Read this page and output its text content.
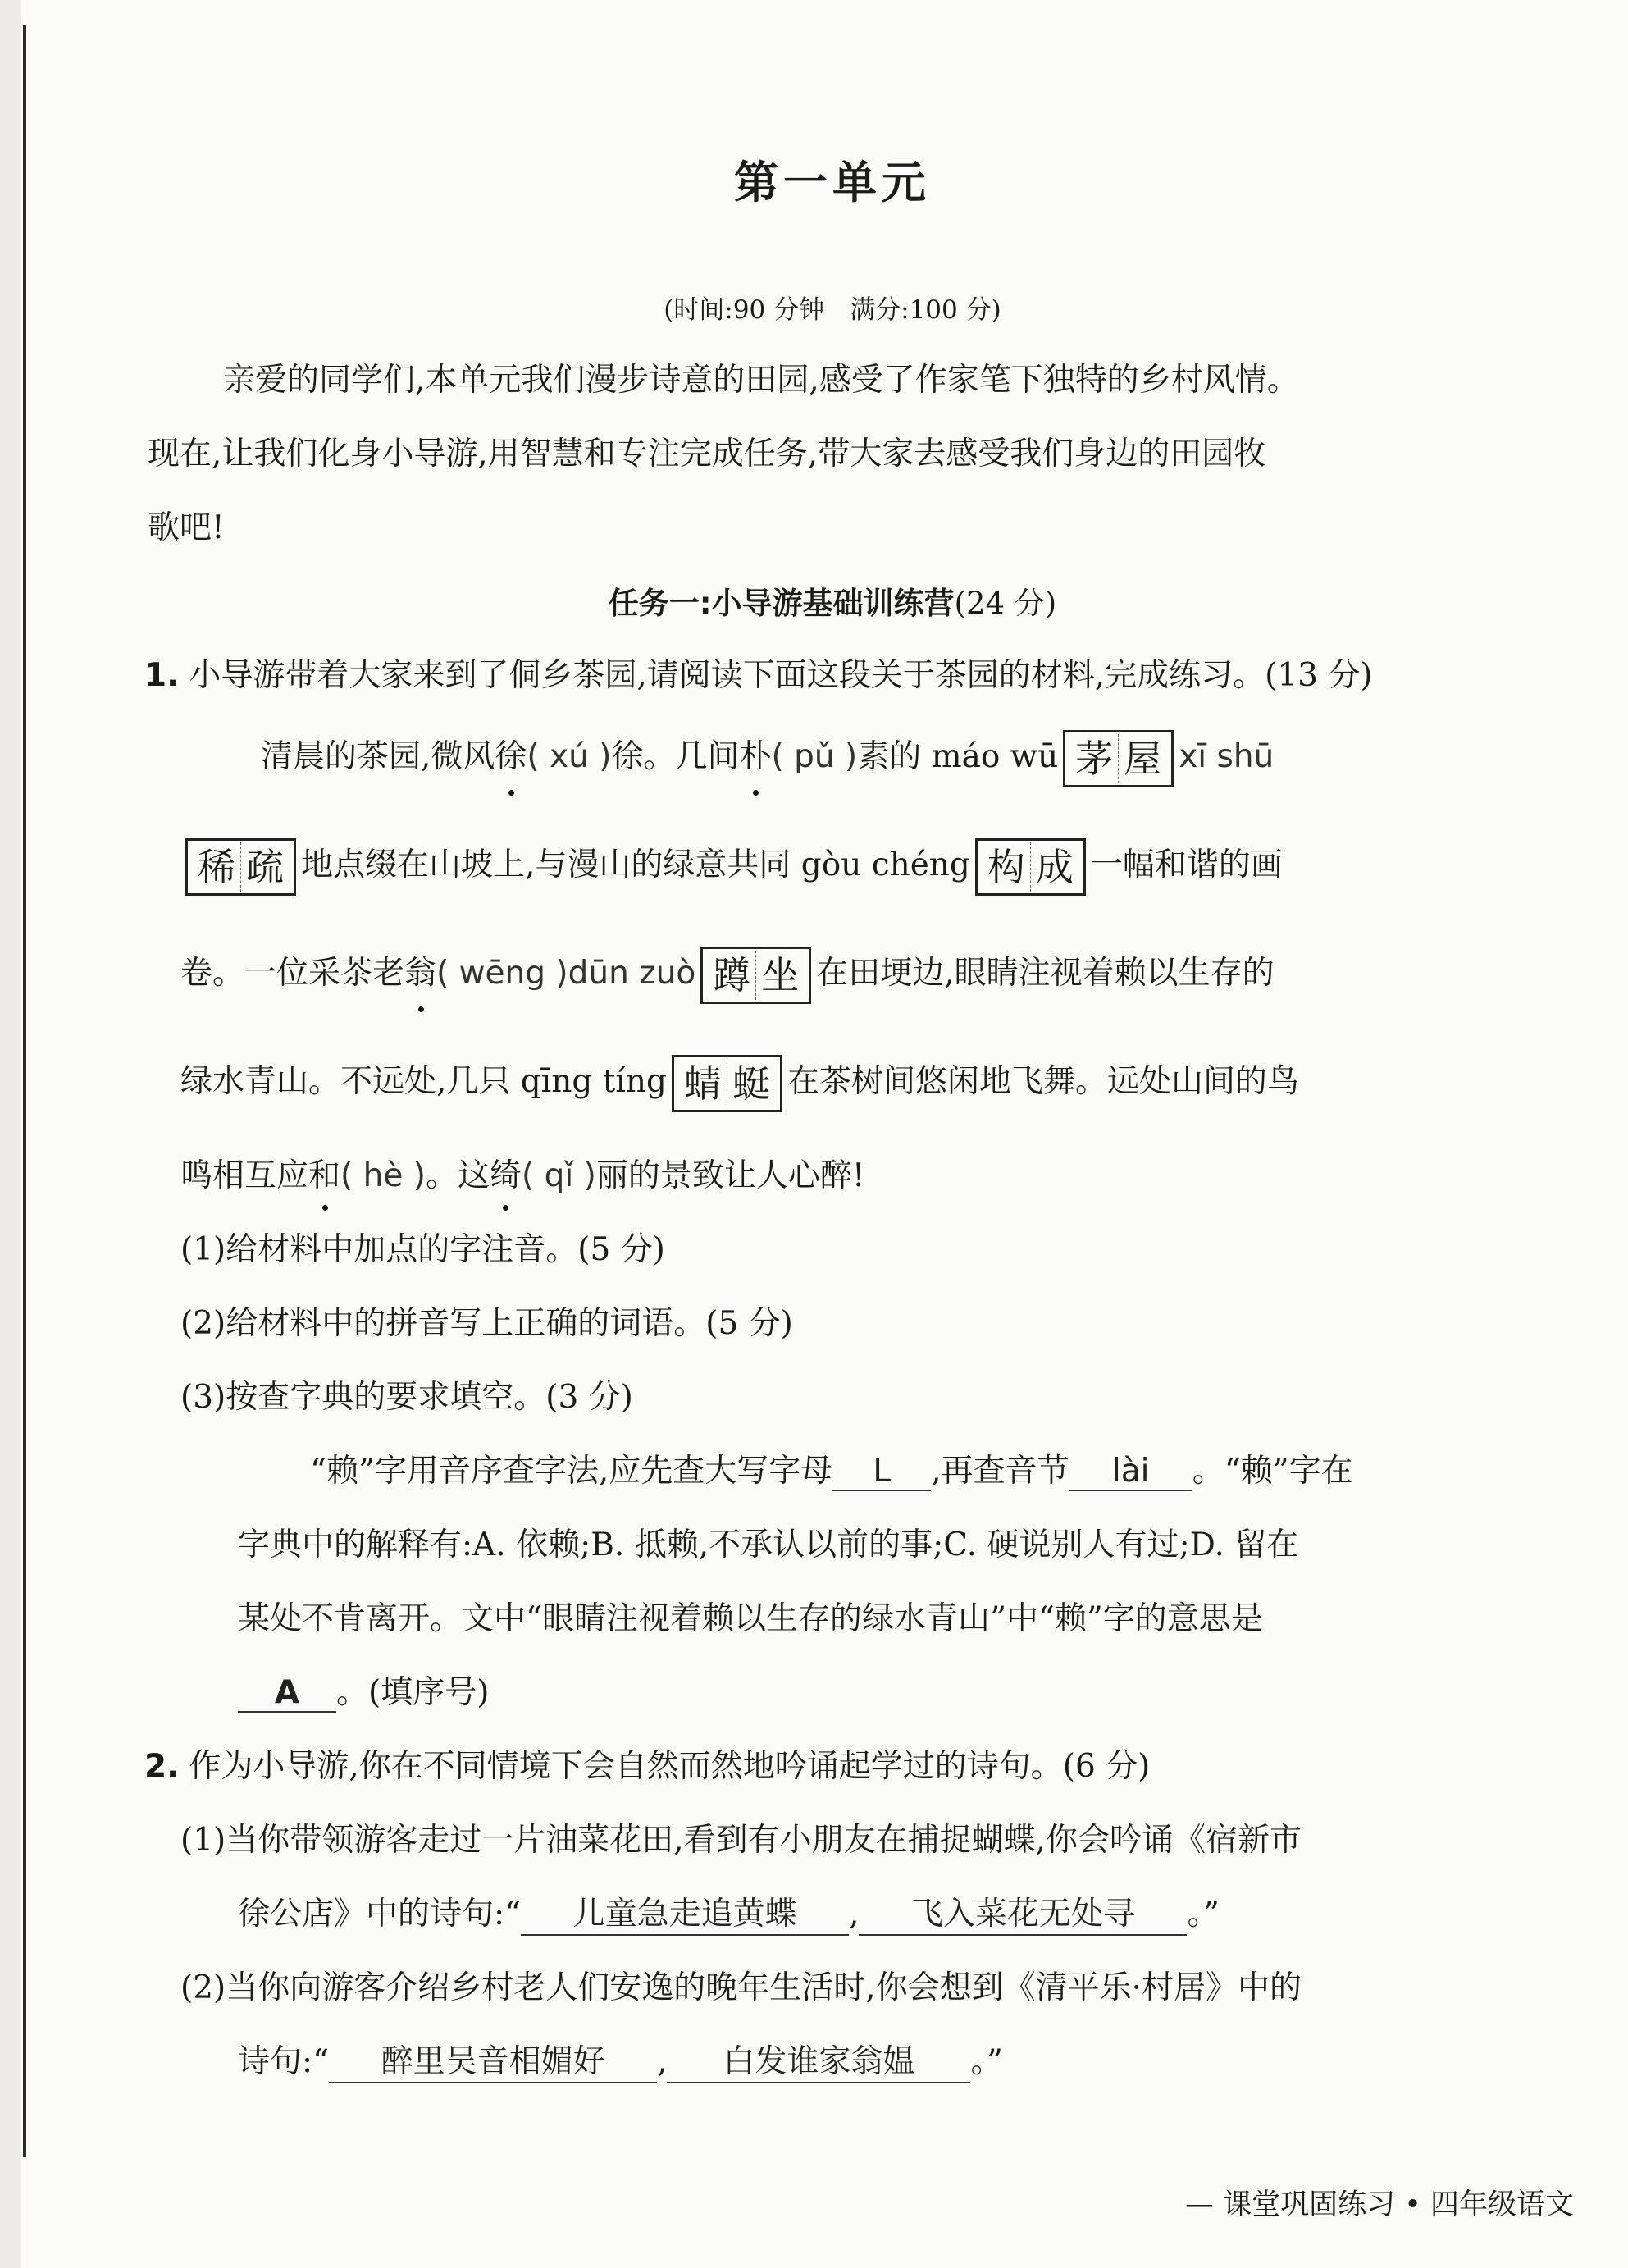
第一单元
(时间:90 分钟　满分:100 分)
亲爱的同学们,本单元我们漫步诗意的田园,感受了作家笔下独特的乡村风情。
现在,让我们化身小导游,用智慧和专注完成任务,带大家去感受我们身边的田园牧
歌吧!
任务一:小导游基础训练营(24 分)
1. 小导游带着大家来到了侗乡茶园,请阅读下面这段关于茶园的材料,完成练习。(13 分)
清晨的茶园,微风徐( xú )徐。几间朴( pǔ )素的 máo wū 茅 屋 xī shū
稀 疏 地点缀在山坡上,与漫山的绿意共同 gòu chéng 构 成 一幅和谐的画
卷。一位采茶老翁( wēng )dūn zuò 蹲 坐 在田埂边,眼睛注视着赖以生存的
绿水青山。不远处,几只 qīng tíng 蜻 蜓 在茶树间悠闲地飞舞。远处山间的鸟
鸣相互应和( hè )。这绮( qǐ )丽的景致让人心醉!
(1)给材料中加点的字注音。(5 分)
(2)给材料中的拼音写上正确的词语。(5 分)
(3)按查字典的要求填空。(3 分)
“赖”字用音序查字法,应先查大写字母 L ,再查音节 lài 。“赖”字在
字典中的解释有:A. 依赖;B. 抵赖,不承认以前的事;C. 硬说别人有过;D. 留在
某处不肯离开。文中“眼睛注视着赖以生存的绿水青山”中“赖”字的意思是
A 。(填序号)
2. 作为小导游,你在不同情境下会自然而然地吟诵起学过的诗句。(6 分)
(1)当你带领游客走过一片油菜花田,看到有小朋友在捕捉蝴蝶,你会吟诵《宿新市
徐公店》中的诗句:“ 儿童急走追黄蝶 , 飞入菜花无处寻 。”
(2)当你向游客介绍乡村老人们安逸的晚年生活时,你会想到《清平乐·村居》中的
诗句:“ 醉里吴音相媚好 , 白发谁家翁媪 。”
— 课堂巩固练习 • 四年级语文
